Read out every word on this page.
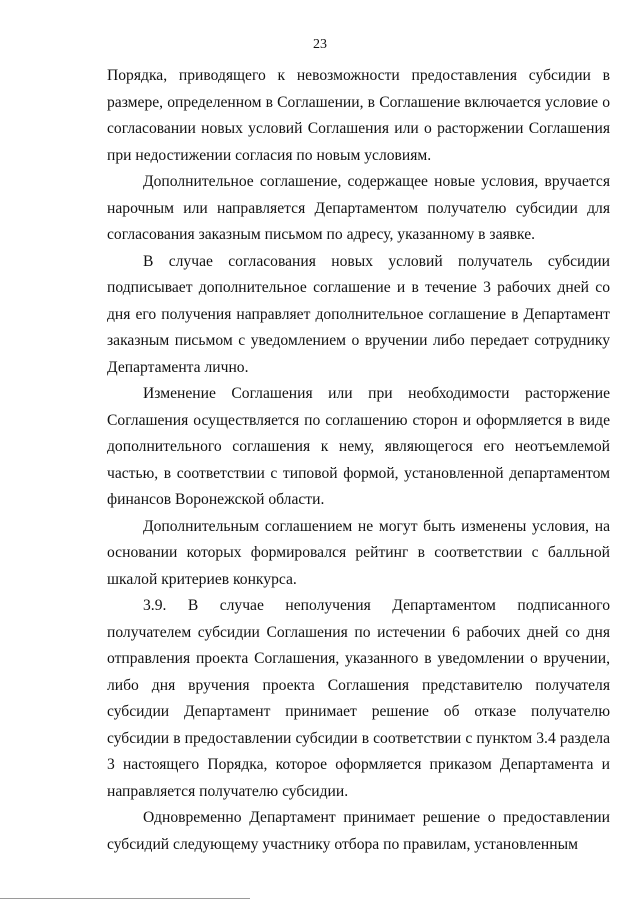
23

Порядка, приводящего к невозможности предоставления субсидии в размере, определенном в Соглашении, в Соглашение включается условие о согласовании новых условий Соглашения или о расторжении Соглашения при недостижении согласия по новым условиям.

Дополнительное соглашение, содержащее новые условия, вручается нарочным или направляется Департаментом получателю субсидии для согласования заказным письмом по адресу, указанному в заявке.

В случае согласования новых условий получатель субсидии подписывает дополнительное соглашение и в течение 3 рабочих дней со дня его получения направляет дополнительное соглашение в Департамент заказным письмом с уведомлением о вручении либо передает сотруднику Департамента лично.

Изменение Соглашения или при необходимости расторжение Соглашения осуществляется по соглашению сторон и оформляется в виде дополнительного соглашения к нему, являющегося его неотъемлемой частью, в соответствии с типовой формой, установленной департаментом финансов Воронежской области.

Дополнительным соглашением не могут быть изменены условия, на основании которых формировался рейтинг в соответствии с балльной шкалой критериев конкурса.

3.9. В случае неполучения Департаментом подписанного получателем субсидии Соглашения по истечении 6 рабочих дней со дня отправления проекта Соглашения, указанного в уведомлении о вручении, либо дня вручения проекта Соглашения представителю получателя субсидии Департамент принимает решение об отказе получателю субсидии в предоставлении субсидии в соответствии с пунктом 3.4 раздела 3 настоящего Порядка, которое оформляется приказом Департамента и направляется получателю субсидии.

Одновременно Департамент принимает решение о предоставлении субсидий следующему участнику отбора по правилам, установленным
